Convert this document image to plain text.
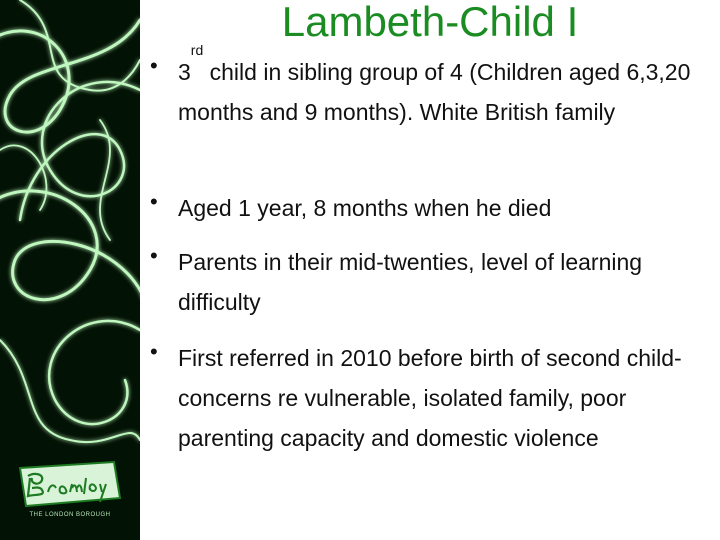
THE LONDON BOROUGH
Lambeth-Child I
• 3rd child in sibling group of 4 (Children aged 6,3,20 months and 9 months). White British family
• Aged 1 year, 8 months when he died
• Parents in their mid-twenties, level of learning difficulty
• First referred in 2010 before birth of second child-concerns re vulnerable, isolated family, poor parenting capacity and domestic violence
